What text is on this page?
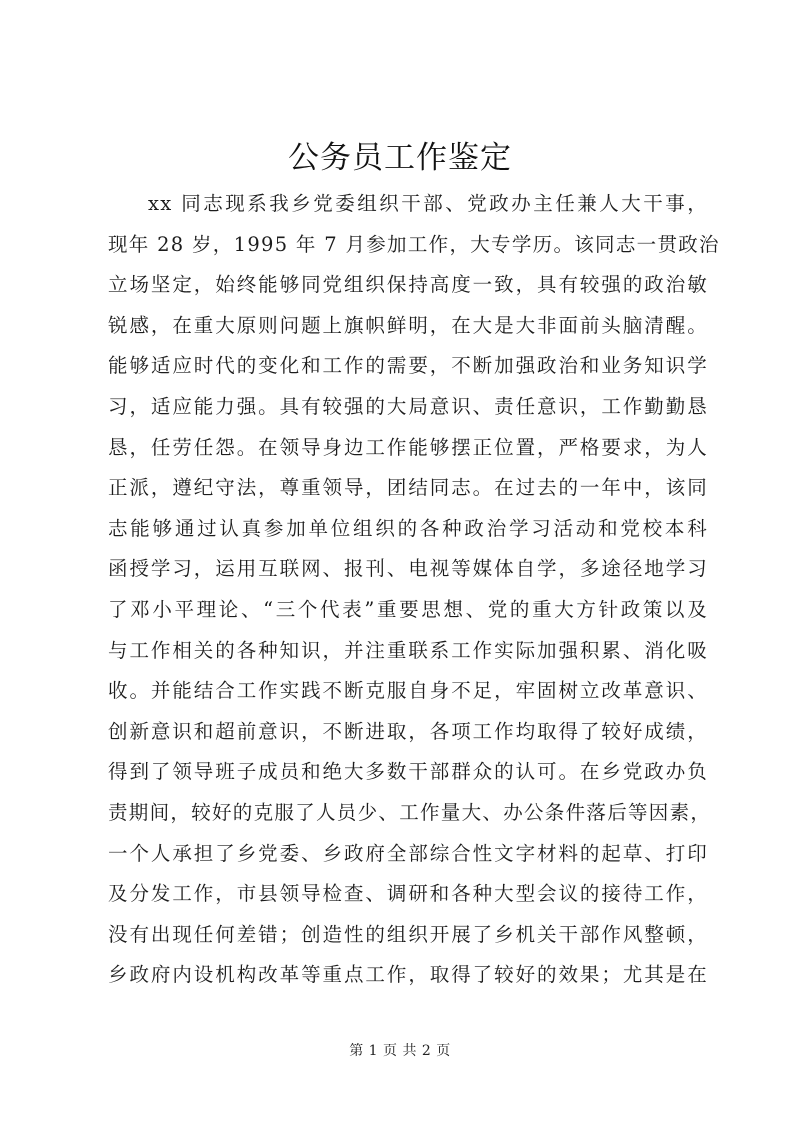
公务员工作鉴定
xx 同志现系我乡党委组织干部、党政办主任兼人大干事，
现年 28 岁，1995 年 7 月参加工作，大专学历。该同志一贯政治
立场坚定，始终能够同党组织保持高度一致，具有较强的政治敏
锐感，在重大原则问题上旗帜鲜明，在大是大非面前头脑清醒。
能够适应时代的变化和工作的需要，不断加强政治和业务知识学
习，适应能力强。具有较强的大局意识、责任意识，工作勤勤恳
恳，任劳任怨。在领导身边工作能够摆正位置，严格要求，为人
正派，遵纪守法，尊重领导，团结同志。在过去的一年中，该同
志能够通过认真参加单位组织的各种政治学习活动和党校本科
函授学习，运用互联网、报刊、电视等媒体自学，多途径地学习
了邓小平理论、“三个代表”重要思想、党的重大方针政策以及
与工作相关的各种知识，并注重联系工作实际加强积累、消化吸
收。并能结合工作实践不断克服自身不足，牢固树立改革意识、
创新意识和超前意识，不断进取，各项工作均取得了较好成绩，
得到了领导班子成员和绝大多数干部群众的认可。在乡党政办负
责期间，较好的克服了人员少、工作量大、办公条件落后等因素，
一个人承担了乡党委、乡政府全部综合性文字材料的起草、打印
及分发工作，市县领导检查、调研和各种大型会议的接待工作，
没有出现任何差错；创造性的组织开展了乡机关干部作风整顿，
乡政府内设机构改革等重点工作，取得了较好的效果；尤其是在
第 1 页 共 2 页
